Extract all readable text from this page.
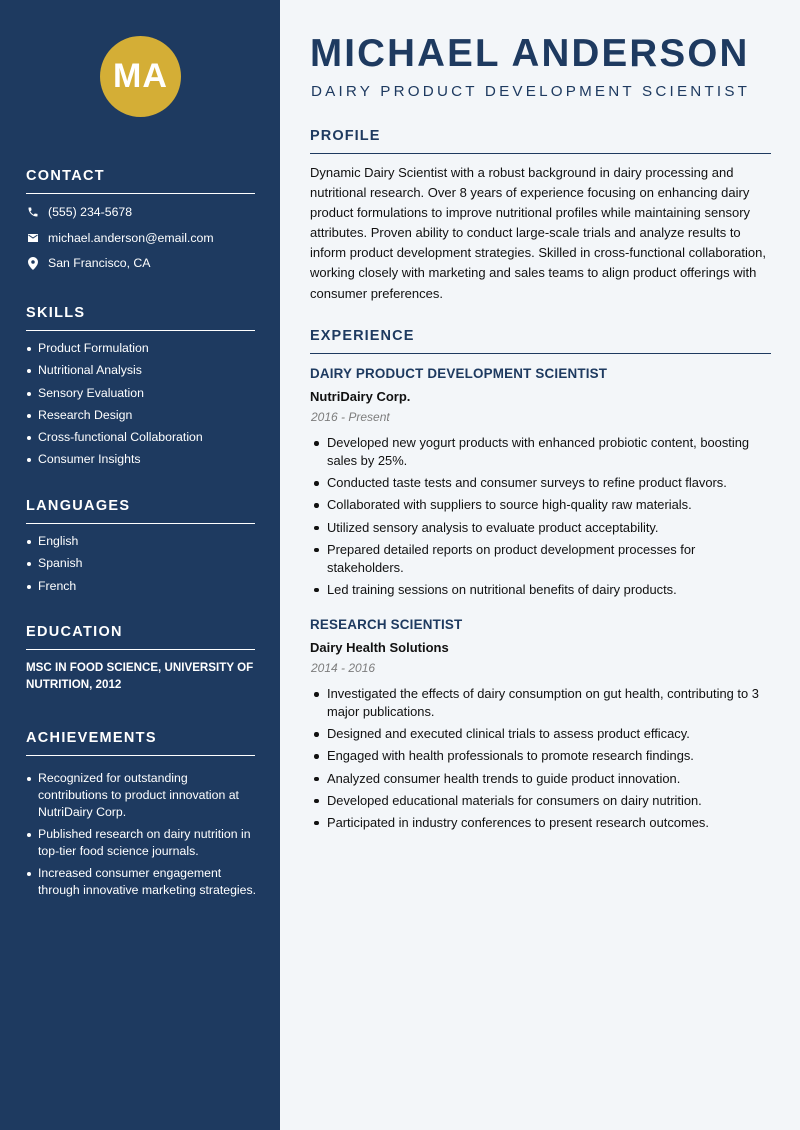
MA
CONTACT
(555) 234-5678
michael.anderson@email.com
San Francisco, CA
SKILLS
Product Formulation
Nutritional Analysis
Sensory Evaluation
Research Design
Cross-functional Collaboration
Consumer Insights
LANGUAGES
English
Spanish
French
EDUCATION
MSC IN FOOD SCIENCE, UNIVERSITY OF NUTRITION, 2012
ACHIEVEMENTS
Recognized for outstanding contributions to product innovation at NutriDairy Corp.
Published research on dairy nutrition in top-tier food science journals.
Increased consumer engagement through innovative marketing strategies.
MICHAEL ANDERSON
DAIRY PRODUCT DEVELOPMENT SCIENTIST
PROFILE
Dynamic Dairy Scientist with a robust background in dairy processing and nutritional research. Over 8 years of experience focusing on enhancing dairy product formulations to improve nutritional profiles while maintaining sensory attributes. Proven ability to conduct large-scale trials and analyze results to inform product development strategies. Skilled in cross-functional collaboration, working closely with marketing and sales teams to align product offerings with consumer preferences.
EXPERIENCE
DAIRY PRODUCT DEVELOPMENT SCIENTIST
NutriDairy Corp.
2016 - Present
Developed new yogurt products with enhanced probiotic content, boosting sales by 25%.
Conducted taste tests and consumer surveys to refine product flavors.
Collaborated with suppliers to source high-quality raw materials.
Utilized sensory analysis to evaluate product acceptability.
Prepared detailed reports on product development processes for stakeholders.
Led training sessions on nutritional benefits of dairy products.
RESEARCH SCIENTIST
Dairy Health Solutions
2014 - 2016
Investigated the effects of dairy consumption on gut health, contributing to 3 major publications.
Designed and executed clinical trials to assess product efficacy.
Engaged with health professionals to promote research findings.
Analyzed consumer health trends to guide product innovation.
Developed educational materials for consumers on dairy nutrition.
Participated in industry conferences to present research outcomes.
